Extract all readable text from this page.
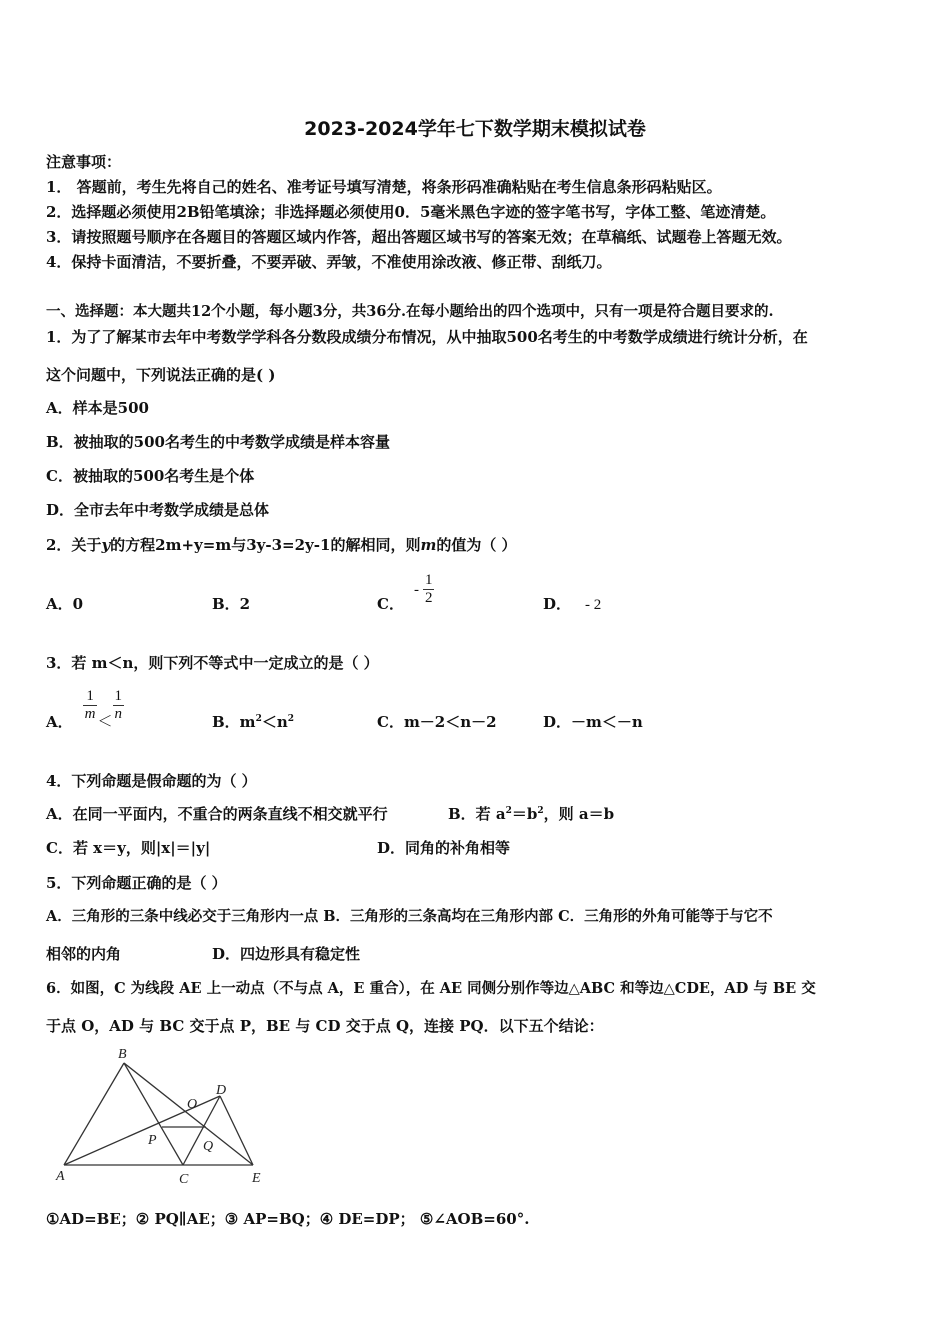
2023-2024学年七下数学期末模拟试卷
注意事项：
1． 答题前，考生先将自己的姓名、准考证号填写清楚，将条形码准确粘贴在考生信息条形码粘贴区。
2．选择题必须使用2B铅笔填涂；非选择题必须使用0．5毫米黑色字迹的签字笔书写，字体工整、笔迹清楚。
3．请按照题号顺序在各题目的答题区域内作答，超出答题区域书写的答案无效；在草稿纸、试题卷上答题无效。
4．保持卡面清洁，不要折叠，不要弄破、弄皱，不准使用涂改液、修正带、刮纸刀。
一、选择题：本大题共12个小题，每小题3分，共36分.在每小题给出的四个选项中，只有一项是符合题目要求的.
1．为了了解某市去年中考数学学科各分数段成绩分布情况，从中抽取500名考生的中考数学成绩进行统计分析，在
这个问题中，下列说法正确的是( )
A．样本是500
B．被抽取的500名考生的中考数学成绩是样本容量
C．被抽取的500名考生是个体
D．全市去年中考数学成绩是总体
2．关于y的方程2m+y=m与3y-3=2y-1的解相同，则m的值为（ ）
A．0	B．2	C．- $\frac{1}{2}$	D． - 2
3．若 m＜n，则下列不等式中一定成立的是（ ）
A． $\frac{1}{m} < \frac{1}{n}$	B．$m^2<n^2$	C．m－2＜n－2	D．－m＜－n
4．下列命题是假命题的为（ ）
A．在同一平面内，不重合的两条直线不相交就平行	B．若 $a^2=b^2$，则 a＝b
C．若 x＝y，则|x|＝|y|	D．同角的补角相等
5．下列命题正确的是（ ）
A．三角形的三条中线必交于三角形内一点 B．三角形的三条高均在三角形内部 C．三角形的外角可能等于与它不
相邻的内角	D．四边形具有稳定性
6．如图，C 为线段 AE 上一动点（不与点 A，E 重合），在 AE 同侧分别作等边△ABC 和等边△CDE，AD 与 BE 交
于点 O，AD 与 BC 交于点 P，BE 与 CD 交于点 Q，连接 PQ．以下五个结论：
B
A	C	E
D
O
P	Q
①AD=BE；② PQ∥AE；③ AP=BQ；④ DE=DP； ⑤∠AOB=60°.
